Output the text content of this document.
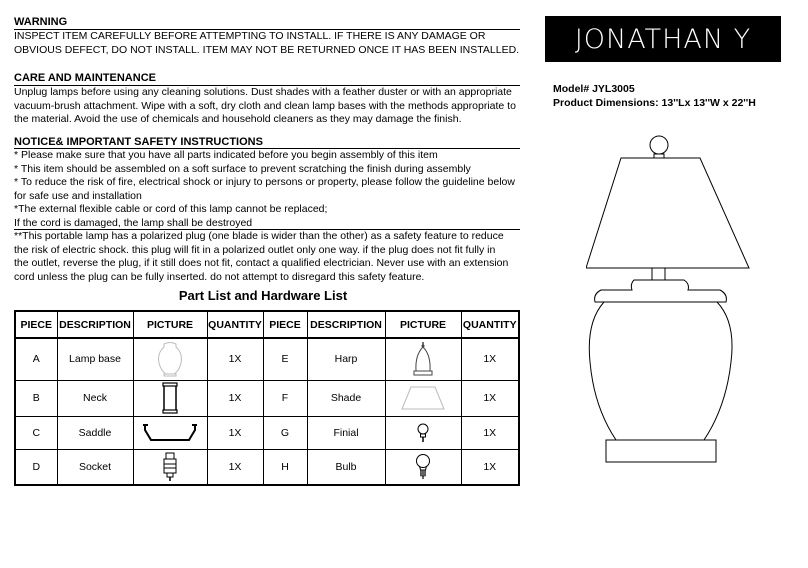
WARNING
INSPECT ITEM CAREFULLY BEFORE ATTEMPTING TO INSTALL. IF THERE IS ANY DAMAGE OR
OBVIOUS DEFECT, DO NOT INSTALL. ITEM MAY NOT BE RETURNED ONCE IT HAS BEEN INSTALLED.
CARE AND MAINTENANCE
Unplug lamps before using any cleaning solutions. Dust shades with a feather duster or with an appropriate
vacuum-brush attachment. Wipe with a soft, dry cloth and clean lamp bases with the methods appropriate to
the material. Avoid the use of chemicals and household cleaners as they may damage the finish.
NOTICE& IMPORTANT SAFETY INSTRUCTIONS
* Please make sure that you have all parts indicated before you begin assembly of this item
* This item should be assembled on a soft surface to prevent scratching the finish during assembly
* To reduce the risk of fire, electrical shock or injury to persons or property, please follow the guideline below
for safe use and installation
*The external flexible cable or cord of this lamp cannot be replaced;
If the cord is damaged, the lamp shall be destroyed
**This portable lamp has a polarized plug (one blade is wider than the other) as a safety feature to reduce
the risk of electric shock. this plug will fit in a polarized outlet only one way. if the plug does not fit fully in
the outlet, reverse the plug, if it still does not fit, contact a qualified electrician. Never use with an extension
cord unless the plug can be fully inserted. do not attempt to disregard this safety feature.
Part List and Hardware List
PIECE	DESCRIPTION	PICTURE	QUANTITY	PIECE	DESCRIPTION	PICTURE	QUANTITY
A	Lamp base		1X	E	Harp		1X
B	Neck		1X	F	Shade		1X
C	Saddle		1X	G	Finial		1X
D	Socket		1X	H	Bulb		1X
JONATHAN Y
Model# JYL3005
Product Dimensions: 13''Lx 13''W x 22''H
